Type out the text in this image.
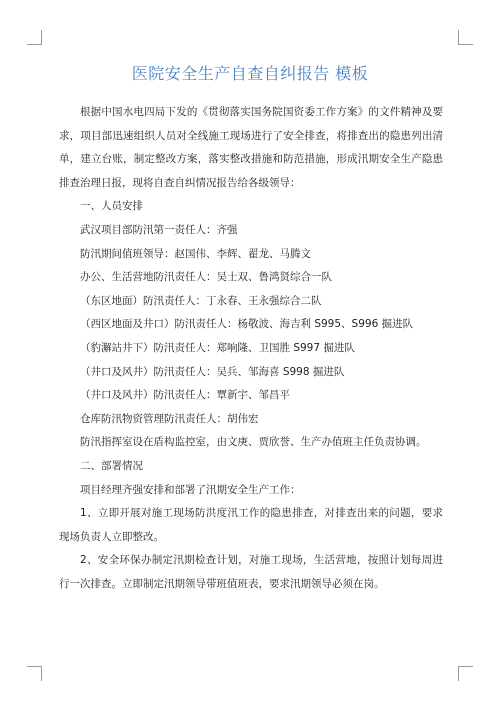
医院安全生产自查自纠报告 模板

根据中国水电四局下发的《贯彻落实国务院国资委工作方案》的文件精神及要求，项目部迅速组织人员对全线施工现场进行了安全排查，将排查出的隐患列出清单，建立台账，制定整改方案，落实整改措施和防范措施，形成汛期安全生产隐患排查治理日报，现将自查自纠情况报告给各级领导：

一、人员安排

武汉项目部防汛第一责任人：齐强

防汛期间值班领导：赵国伟、李辉、翟龙、马腾文

办公、生活营地防汛责任人：吴士双、鲁鸿贤综合一队

（东区地面）防汛责任人：丁永春、王永强综合二队

（西区地面及井口）防汛责任人：杨敬波、海吉利 S995、S996 掘进队

（豹澥站井下）防汛责任人：郑响隆、卫国胜 S997 掘进队

（井口及风井）防汛责任人：吴兵、邹海喜 S998 掘进队

（井口及风井）防汛责任人：覃新宇、邹昌平

仓库防汛物资管理防汛责任人：胡伟宏

防汛指挥室设在盾构监控室，由文庚、贾欣誉、生产办值班主任负责协调。

二、部署情况

项目经理齐强安排和部署了汛期安全生产工作：

1、立即开展对施工现场防洪度汛工作的隐患排查，对排查出来的问题，要求现场负责人立即整改。

2、安全环保办制定汛期检查计划，对施工现场，生活营地，按照计划每周进行一次排查。立即制定汛期领导带班值班表，要求汛期领导必须在岗。
